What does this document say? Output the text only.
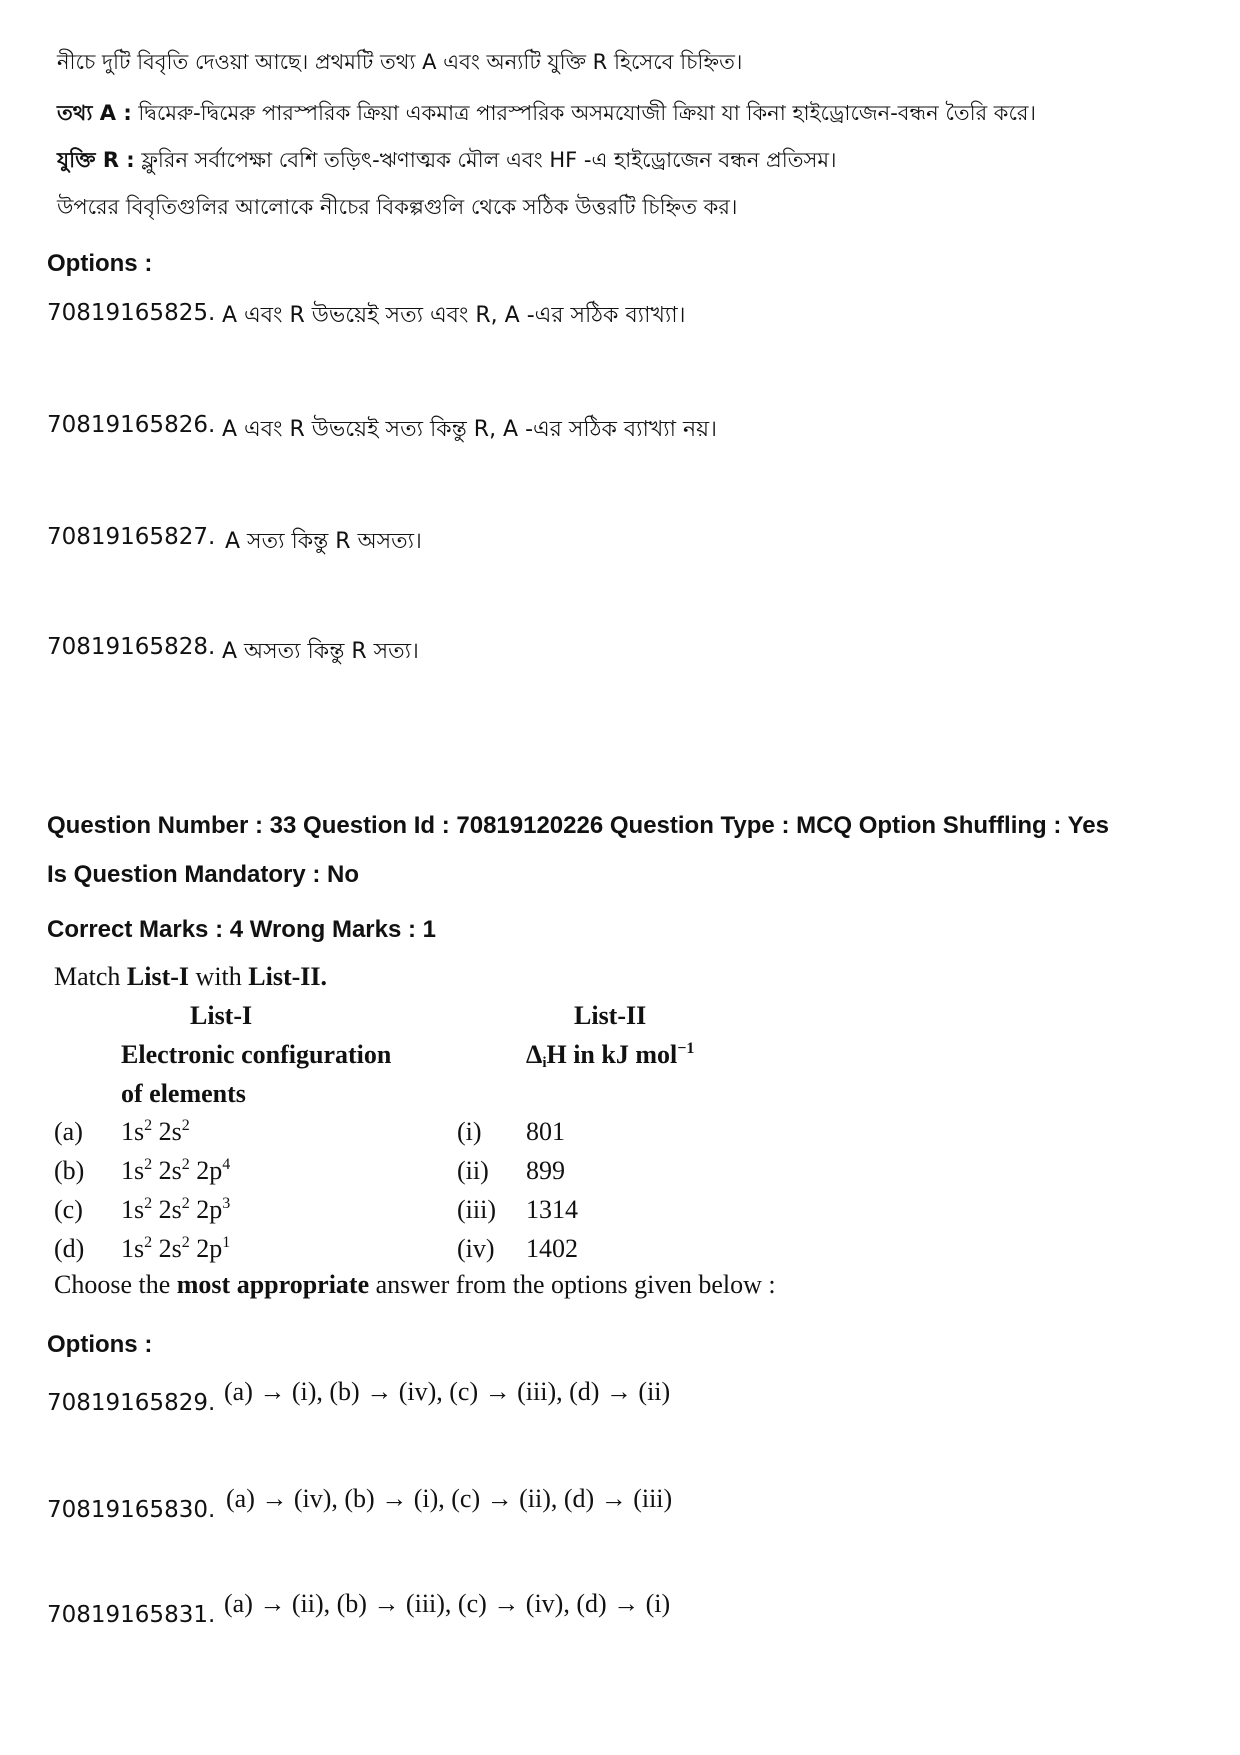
নীচে দুটি বিবৃতি দেওয়া আছে। প্রথমটি তথ্য A এবং অন্যটি যুক্তি R হিসেবে চিহ্নিত।
তথ্য A : দ্বিমেরু-দ্বিমেরু পারস্পরিক ক্রিয়া একমাত্র পারস্পরিক অসমযোজী ক্রিয়া যা কিনা হাইড্রোজেন-বন্ধন তৈরি করে।
যুক্তি R : ফ্লুরিন সর্বাপেক্ষা বেশি তড়িৎ-ঋণাত্মক মৌল এবং HF -এ হাইড্রোজেন বন্ধন প্রতিসম।
উপরের বিবৃতিগুলির আলোকে নীচের বিকল্পগুলি থেকে সঠিক উত্তরটি চিহ্নিত কর।
Options :
70819165825. A এবং R উভয়েই সত্য এবং R, A -এর সঠিক ব্যাখ্যা।
70819165826. A এবং R উভয়েই সত্য কিন্তু R, A -এর সঠিক ব্যাখ্যা নয়।
70819165827. A সত্য কিন্তু R অসত্য।
70819165828. A অসত্য কিন্তু R সত্য।
Question Number : 33 Question Id : 70819120226 Question Type : MCQ Option Shuffling : Yes
Is Question Mandatory : No
Correct Marks : 4 Wrong Marks : 1
Match List-I with List-II.
List-I	List-II
Electronic configuration
of elements
$\Delta_iH$ in kJ mol$^{-1}$
(a) $1s^2$ $2s^2$	(i) 801
(b) $1s^2$ $2s^2$ $2p^4$	(ii) 899
(c) $1s^2$ $2s^2$ $2p^3$	(iii) 1314
(d) $1s^2$ $2s^2$ $2p^1$	(iv) 1402
Choose the most appropriate answer from the options given below :
Options :
70819165829. (a) → (i), (b) → (iv), (c) → (iii), (d) → (ii)
70819165830. (a) → (iv), (b) → (i), (c) → (ii), (d) → (iii)
70819165831. (a) → (ii), (b) → (iii), (c) → (iv), (d) → (i)
